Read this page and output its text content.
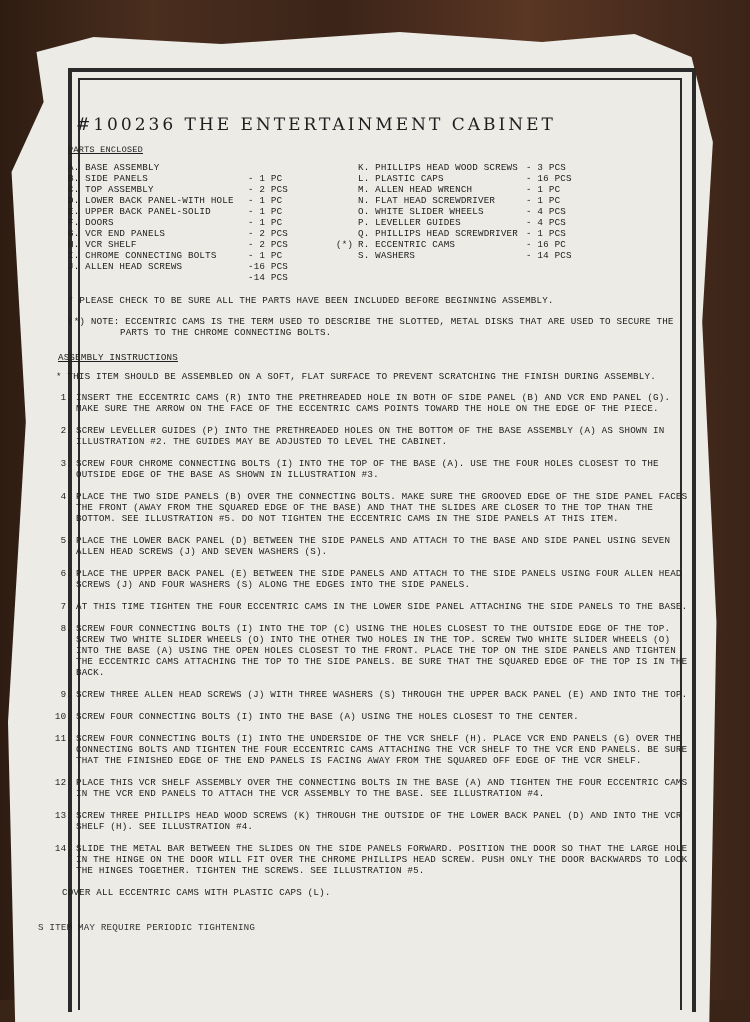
#100236 THE ENTERTAINMENT CABINET
PARTS ENCLOSED
A. BASE ASSEMBLY
B. SIDE PANELS	- 1 PC
C. TOP ASSEMBLY	- 2 PCS
D. LOWER BACK PANEL-WITH HOLE	- 1 PC
E. UPPER BACK PANEL-SOLID	- 1 PC
F. DOORS	- 1 PC
G. VCR END PANELS	- 2 PCS
H. VCR SHELF	- 2 PCS
I. CHROME CONNECTING BOLTS	- 1 PC
J. ALLEN HEAD SCREWS	-16 PCS
-14 PCS
K. PHILLIPS HEAD WOOD SCREWS - 3 PCS
L. PLASTIC CAPS	- 16 PCS
M. ALLEN HEAD WRENCH	- 1 PC
N. FLAT HEAD SCREWDRIVER	- 1 PC
O. WHITE SLIDER WHEELS	- 4 PCS
P. LEVELLER GUIDES	- 4 PCS
Q. PHILLIPS HEAD SCREWDRIVER - 1 PCS
(*) R. ECCENTRIC CAMS	- 16 PC
S. WASHERS	- 14 PCS
* PLEASE CHECK TO BE SURE ALL THE PARTS HAVE BEEN INCLUDED BEFORE BEGINNING ASSEMBLY.
(*) NOTE: ECCENTRIC CAMS IS THE TERM USED TO DESCRIBE THE SLOTTED, METAL DISKS THAT ARE USED TO SECURE THE PARTS TO THE CHROME CONNECTING BOLTS.
ASSEMBLY INSTRUCTIONS
* THIS ITEM SHOULD BE ASSEMBLED ON A SOFT, FLAT SURFACE TO PREVENT SCRATCHING THE FINISH DURING ASSEMBLY.
1. INSERT THE ECCENTRIC CAMS (R) INTO THE PRETHREADED HOLE IN BOTH OF SIDE PANEL (B) AND VCR END PANEL (G). MAKE SURE THE ARROW ON THE FACE OF THE ECCENTRIC CAMS POINTS TOWARD THE HOLE ON THE EDGE OF THE PIECE.
2. SCREW LEVELLER GUIDES (P) INTO THE PRETHREADED HOLES ON THE BOTTOM OF THE BASE ASSEMBLY (A) AS SHOWN IN ILLUSTRATION #2. THE GUIDES MAY BE ADJUSTED TO LEVEL THE CABINET.
3. SCREW FOUR CHROME CONNECTING BOLTS (I) INTO THE TOP OF THE BASE (A). USE THE FOUR HOLES CLOSEST TO THE OUTSIDE EDGE OF THE BASE AS SHOWN IN ILLUSTRATION #3.
4. PLACE THE TWO SIDE PANELS (B) OVER THE CONNECTING BOLTS. MAKE SURE THE GROOVED EDGE OF THE SIDE PANEL FACES THE FRONT (AWAY FROM THE SQUARED EDGE OF THE BASE) AND THAT THE SLIDES ARE CLOSER TO THE TOP THAN THE BOTTOM. SEE ILLUSTRATION #5. DO NOT TIGHTEN THE ECCENTRIC CAMS IN THE SIDE PANELS AT THIS ITEM.
5. PLACE THE LOWER BACK PANEL (D) BETWEEN THE SIDE PANELS AND ATTACH TO THE BASE AND SIDE PANEL USING SEVEN ALLEN HEAD SCREWS (J) AND SEVEN WASHERS (S).
6. PLACE THE UPPER BACK PANEL (E) BETWEEN THE SIDE PANELS AND ATTACH TO THE SIDE PANELS USING FOUR ALLEN HEAD SCREWS (J) AND FOUR WASHERS (S) ALONG THE EDGES INTO THE SIDE PANELS.
7. AT THIS TIME TIGHTEN THE FOUR ECCENTRIC CAMS IN THE LOWER SIDE PANEL ATTACHING THE SIDE PANELS TO THE BASE.
8. SCREW FOUR CONNECTING BOLTS (I) INTO THE TOP (C) USING THE HOLES CLOSEST TO THE OUTSIDE EDGE OF THE TOP. SCREW TWO WHITE SLIDER WHEELS (O) INTO THE OTHER TWO HOLES IN THE TOP. SCREW TWO WHITE SLIDER WHEELS (O) INTO THE BASE (A) USING THE OPEN HOLES CLOSEST TO THE FRONT. PLACE THE TOP ON THE SIDE PANELS AND TIGHTEN THE ECCENTRIC CAMS ATTACHING THE TOP TO THE SIDE PANELS. BE SURE THAT THE SQUARED EDGE OF THE TOP IS IN THE BACK.
9. SCREW THREE ALLEN HEAD SCREWS (J) WITH THREE WASHERS (S) THROUGH THE UPPER BACK PANEL (E) AND INTO THE TOP.
10. SCREW FOUR CONNECTING BOLTS (I) INTO THE BASE (A) USING THE HOLES CLOSEST TO THE CENTER.
11. SCREW FOUR CONNECTING BOLTS (I) INTO THE UNDERSIDE OF THE VCR SHELF (H). PLACE VCR END PANELS (G) OVER THE CONNECTING BOLTS AND TIGHTEN THE FOUR ECCENTRIC CAMS ATTACHING THE VCR SHELF TO THE VCR END PANELS. BE SURE THAT THE FINISHED EDGE OF THE END PANELS IS FACING AWAY FROM THE SQUARED OFF EDGE OF THE VCR SHELF.
12. PLACE THIS VCR SHELF ASSEMBLY OVER THE CONNECTING BOLTS IN THE BASE (A) AND TIGHTEN THE FOUR ECCENTRIC CAMS IN THE VCR END PANELS TO ATTACH THE VCR ASSEMBLY TO THE BASE. SEE ILLUSTRATION #4.
13. SCREW THREE PHILLIPS HEAD WOOD SCREWS (K) THROUGH THE OUTSIDE OF THE LOWER BACK PANEL (D) AND INTO THE VCR SHELF (H). SEE ILLUSTRATION #4.
14. SLIDE THE METAL BAR BETWEEN THE SLIDES ON THE SIDE PANELS FORWARD. POSITION THE DOOR SO THAT THE LARGE HOLE IN THE HINGE ON THE DOOR WILL FIT OVER THE CHROME PHILLIPS HEAD SCREW. PUSH ONLY THE DOOR BACKWARDS TO LOCK THE HINGES TOGETHER. TIGHTEN THE SCREWS. SEE ILLUSTRATION #5.
COVER ALL ECCENTRIC CAMS WITH PLASTIC CAPS (L).
S ITEM MAY REQUIRE PERIODIC TIGHTENING
